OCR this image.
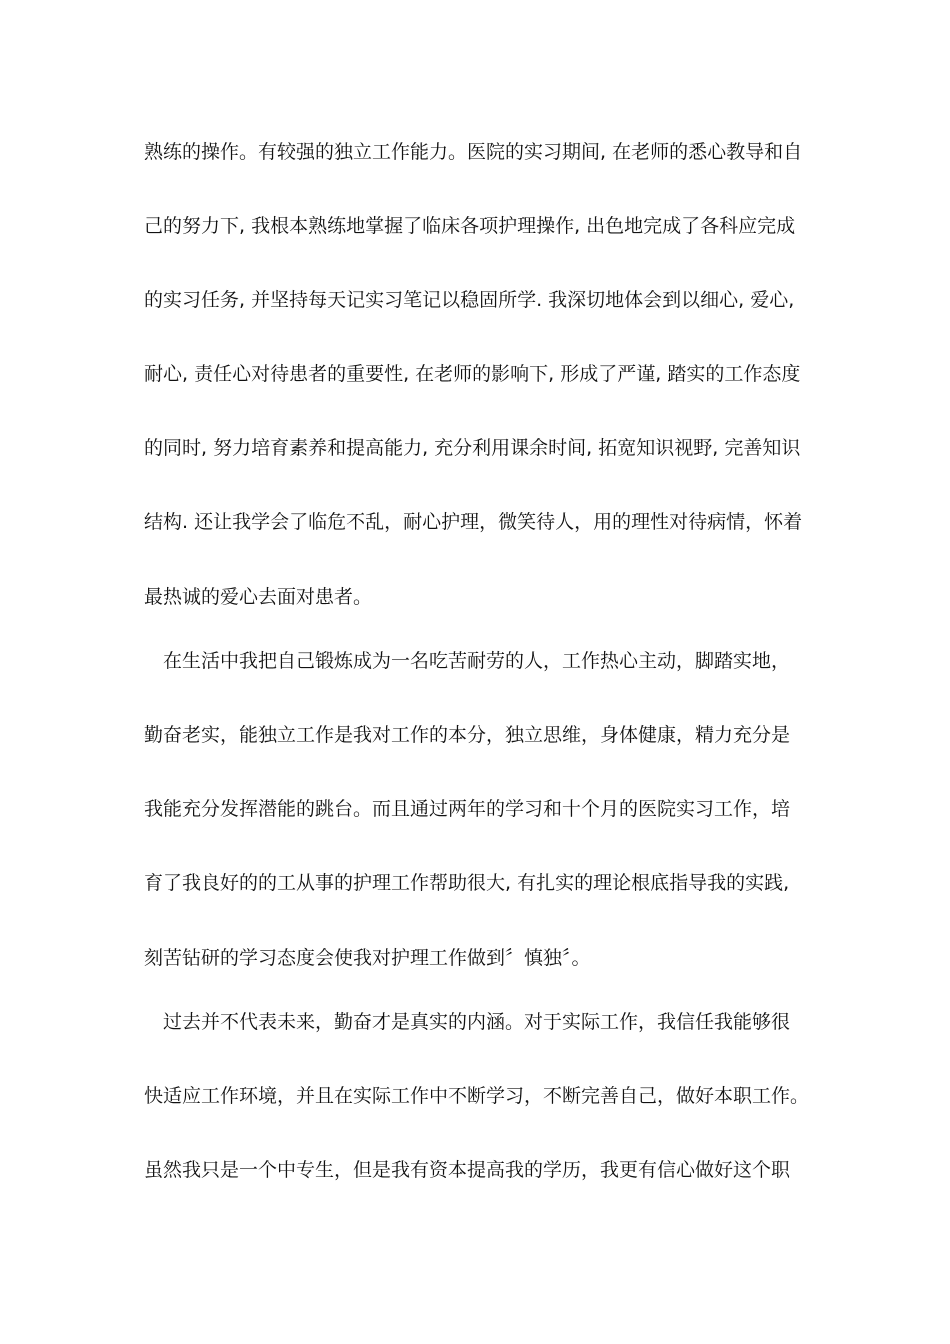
熟练的操作。有较强的独立工作能力。医院的实习期间, 在老师的悉心教导和自

己的努力下, 我根本熟练地掌握了临床各项护理操作, 出色地完成了各科应完成

的实习任务, 并坚持每天记实习笔记以稳固所学. 我深切地体会到以细心, 爱心,

耐心, 责任心对待患者的重要性, 在老师的影响下, 形成了严谨, 踏实的工作态度

的同时, 努力培育素养和提高能力, 充分利用课余时间, 拓宽知识视野, 完善知识

结构. 还让我学会了临危不乱，耐心护理，微笑待人，用的理性对待病情，怀着

最热诚的爱心去面对患者。

　在生活中我把自己锻炼成为一名吃苦耐劳的人，工作热心主动，脚踏实地，

勤奋老实，能独立工作是我对工作的本分，独立思维，身体健康，精力充分是

我能充分发挥潜能的跳台。而且通过两年的学习和十个月的医院实习工作，培

育了我良好的的工从事的护理工作帮助很大, 有扎实的理论根底指导我的实践,

刻苦钻研的学习态度会使我对护理工作做到〞慎独〞。

　过去并不代表未来，勤奋才是真实的内涵。对于实际工作，我信任我能够很

快适应工作环境，并且在实际工作中不断学习，不断完善自己，做好本职工作。

虽然我只是一个中专生，但是我有资本提高我的学历，我更有信心做好这个职
